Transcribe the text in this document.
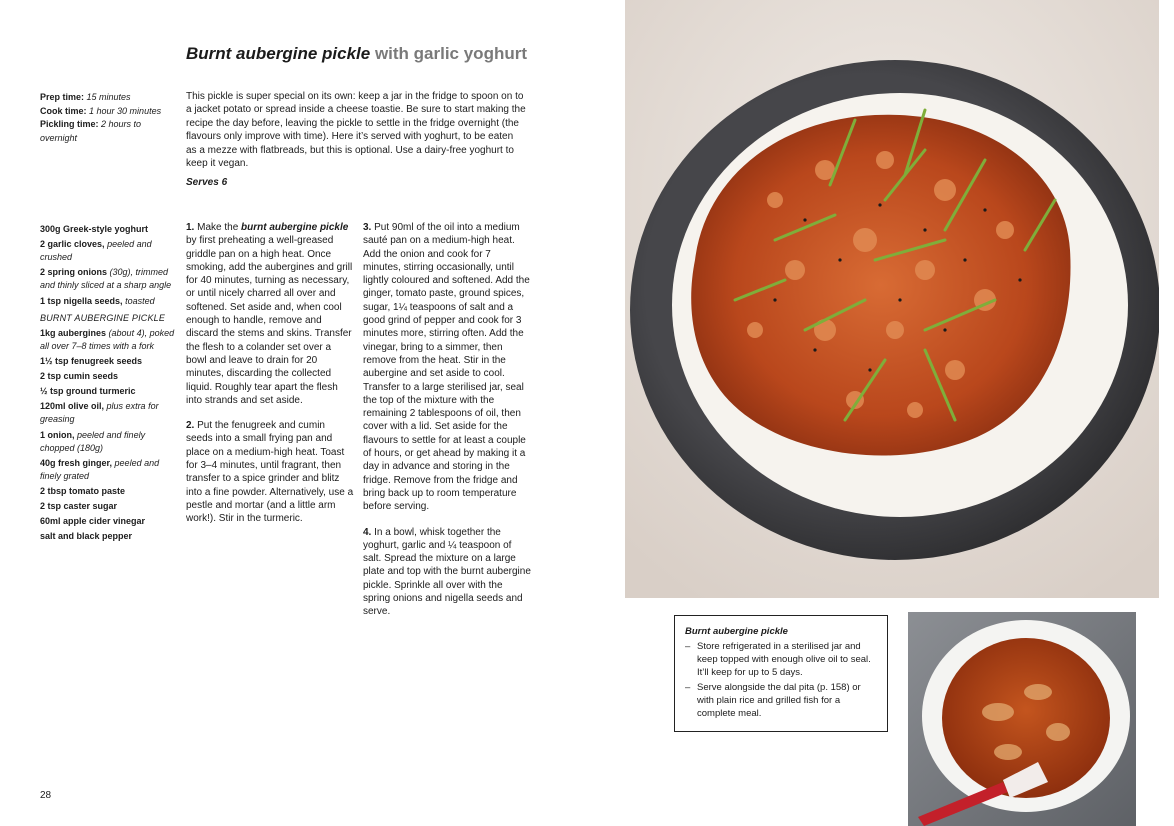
Burnt aubergine pickle with garlic yoghurt
Prep time: 15 minutes
Cook time: 1 hour 30 minutes
Pickling time: 2 hours to overnight
This pickle is super special on its own: keep a jar in the fridge to spoon on to a jacket potato or spread inside a cheese toastie. Be sure to start making the recipe the day before, leaving the pickle to settle in the fridge overnight (the flavours only improve with time). Here it’s served with yoghurt, to be eaten as a mezze with flatbreads, but this is optional. Use a dairy-free yoghurt to keep it vegan.
Serves 6
300g Greek-style yoghurt
2 garlic cloves, peeled and crushed
2 spring onions (30g), trimmed and thinly sliced at a sharp angle
1 tsp nigella seeds, toasted
BURNT AUBERGINE PICKLE
1kg aubergines (about 4), poked all over 7–8 times with a fork
1½ tsp fenugreek seeds
2 tsp cumin seeds
½ tsp ground turmeric
120ml olive oil, plus extra for greasing
1 onion, peeled and finely chopped (180g)
40g fresh ginger, peeled and finely grated
2 tbsp tomato paste
2 tsp caster sugar
60ml apple cider vinegar
salt and black pepper

1. Make the burnt aubergine pickle by first preheating a well-greased griddle pan on a high heat. Once smoking, add the aubergines and grill for 40 minutes, turning as necessary, or until nicely charred all over and softened. Set aside and, when cool enough to handle, remove and discard the stems and skins. Transfer the flesh to a colander set over a bowl and leave to drain for 20 minutes, discarding the collected liquid. Roughly tear apart the flesh into strands and set aside.

2. Put the fenugreek and cumin seeds into a small frying pan and place on a medium-high heat. Toast for 3–4 minutes, until fragrant, then transfer to a spice grinder and blitz into a fine powder. Alternatively, use a pestle and mortar (and a little arm work!). Stir in the turmeric.

3. Put 90ml of the oil into a medium sauté pan on a medium-high heat. Add the onion and cook for 7 minutes, stirring occasionally, until lightly coloured and softened. Add the ginger, tomato paste, ground spices, sugar, 1¼ teaspoons of salt and a good grind of pepper and cook for 3 minutes more, stirring often. Add the vinegar, bring to a simmer, then remove from the heat. Stir in the aubergine and set aside to cool. Transfer to a large sterilised jar, seal the top of the mixture with the remaining 2 tablespoons of oil, then cover with a lid. Set aside for the flavours to settle for at least a couple of hours, or get ahead by making it a day in advance and storing in the fridge. Remove from the fridge and bring back up to room temperature before serving.

4. In a bowl, whisk together the yoghurt, garlic and ¼ teaspoon of salt. Spread the mixture on a large plate and top with the burnt aubergine pickle. Sprinkle all over with the spring onions and nigella seeds and serve.

28
Burnt aubergine pickle
– Store refrigerated in a sterilised jar and keep topped with enough olive oil to seal. It’ll keep for up to 5 days.
– Serve alongside the dal pita (p. 158) or with plain rice and grilled fish for a complete meal.
